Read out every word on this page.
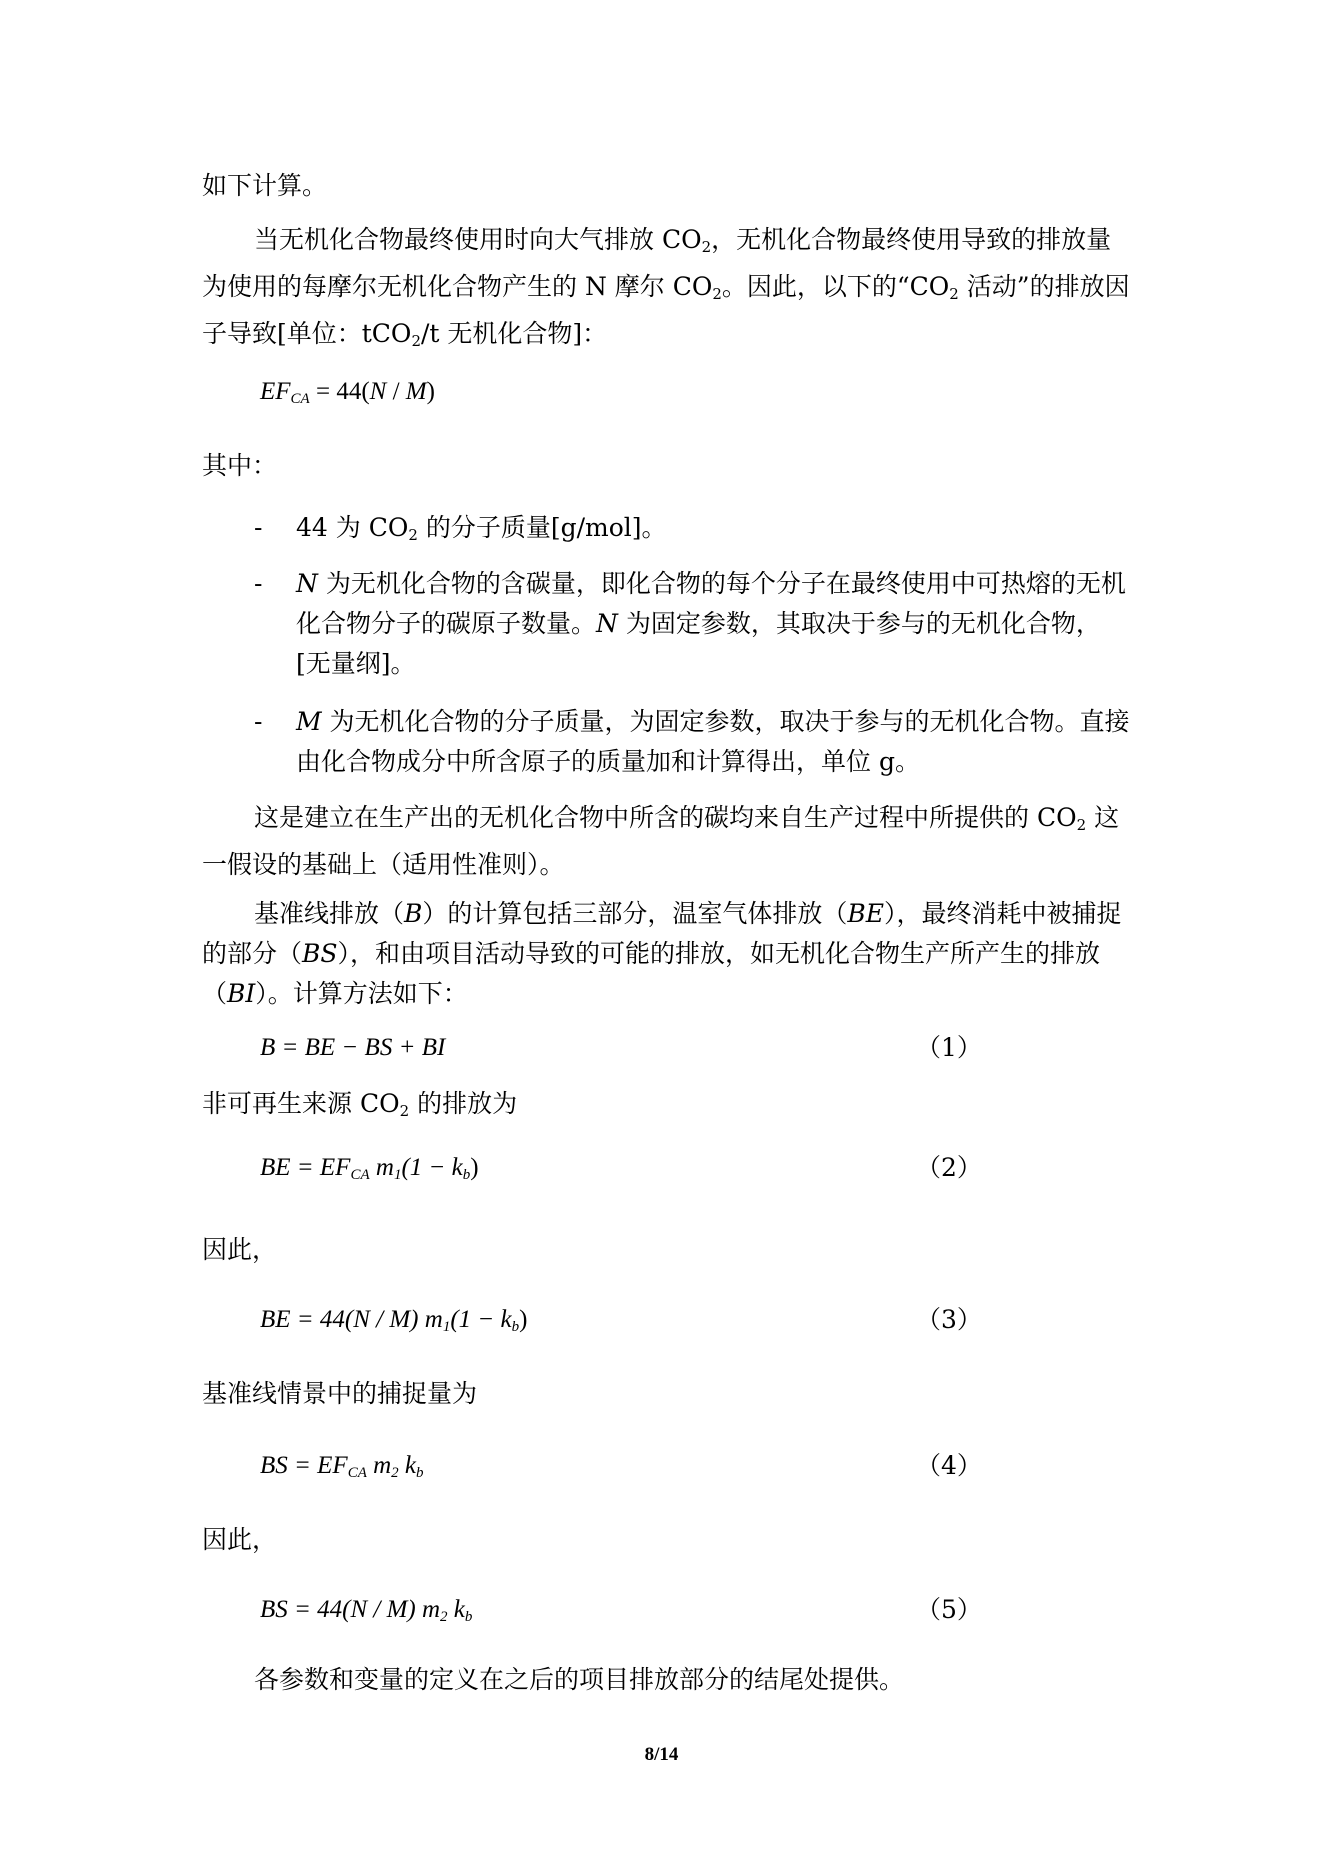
如下计算。

当无机化合物最终使用时向大气排放 CO2，无机化合物最终使用导致的排放量为使用的每摩尔无机化合物产生的 N 摩尔 CO2。因此，以下的“CO2 活动”的排放因子导致[单位：tCO2/t 无机化合物]：

$EF_{CA} = 44(N / M)$

其中：

- 44 为 CO2 的分子质量[g/mol]。
- N 为无机化合物的含碳量，即化合物的每个分子在最终使用中可热熔的无机化合物分子的碳原子数量。N 为固定参数，其取决于参与的无机化合物，[无量纲]。
- M 为无机化合物的分子质量，为固定参数，取决于参与的无机化合物。直接由化合物成分中所含原子的质量加和计算得出，单位 g。

这是建立在生产出的无机化合物中所含的碳均来自生产过程中所提供的 CO2 这一假设的基础上（适用性准则）。

基准线排放（B）的计算包括三部分，温室气体排放（BE），最终消耗中被捕捉的部分（BS），和由项目活动导致的可能的排放，如无机化合物生产所产生的排放（BI）。计算方法如下：

B = BE − BS + BI	（1）

非可再生来源 CO2 的排放为

BE = $EF_{CA}$ $m_1(1 - k_b)$	（2）

因此，

BE = 44(N / M) $m_1(1 - k_b)$	（3）

基准线情景中的捕捉量为

BS = $EF_{CA}$ $m_2$ $k_b$	（4）

因此，

BS = 44(N / M) $m_2$ $k_b$	（5）

各参数和变量的定义在之后的项目排放部分的结尾处提供。

8/14
